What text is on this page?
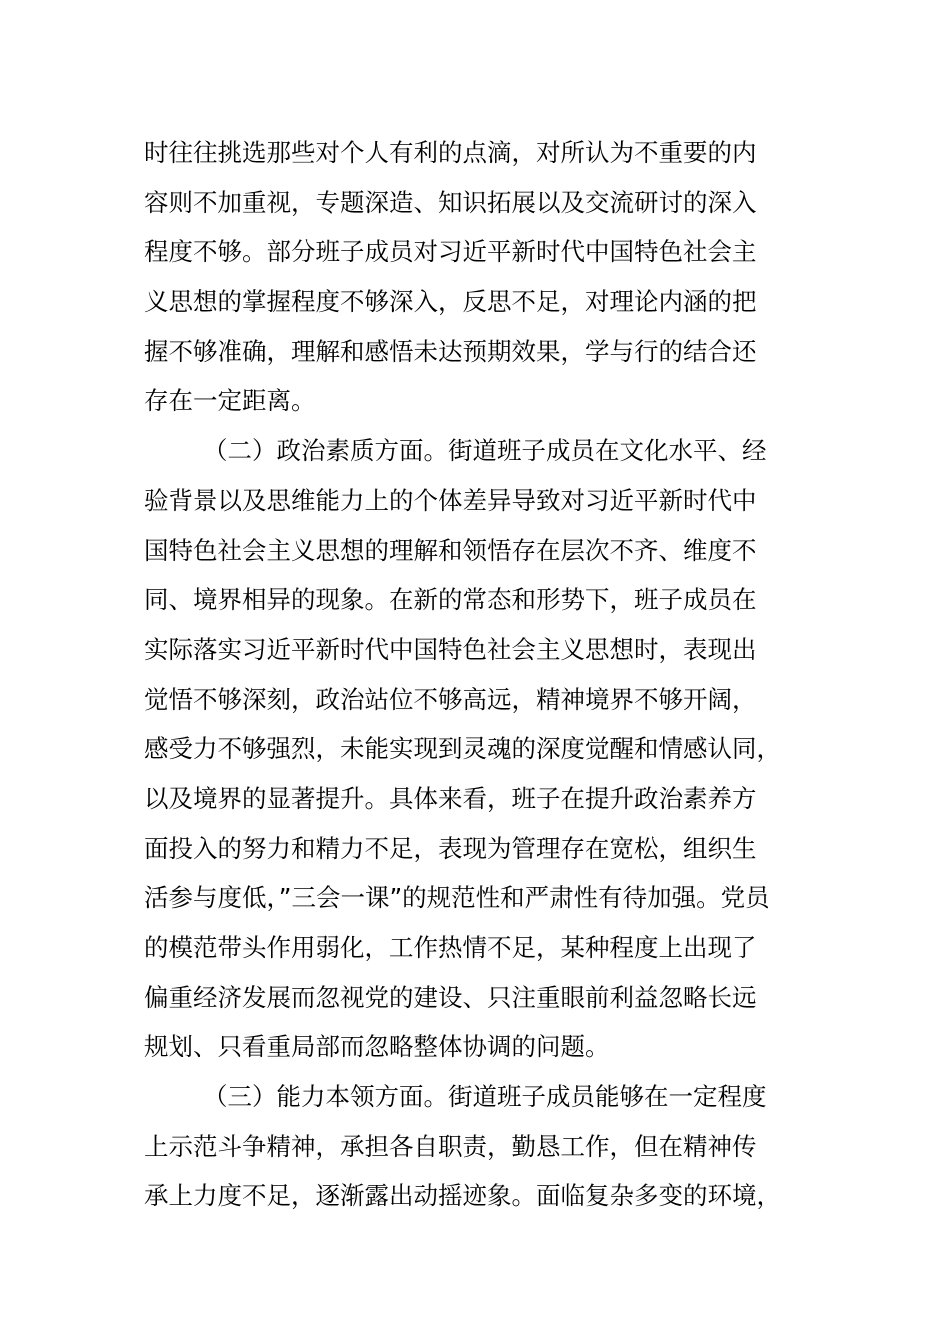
时往往挑选那些对个人有利的点滴，对所认为不重要的内
容则不加重视，专题深造、知识拓展以及交流研讨的深入
程度不够。部分班子成员对习近平新时代中国特色社会主
义思想的掌握程度不够深入，反思不足，对理论内涵的把
握不够准确，理解和感悟未达预期效果，学与行的结合还
存在一定距离。
（二）政治素质方面。街道班子成员在文化水平、经
验背景以及思维能力上的个体差异导致对习近平新时代中
国特色社会主义思想的理解和领悟存在层次不齐、维度不
同、境界相异的现象。在新的常态和形势下，班子成员在
实际落实习近平新时代中国特色社会主义思想时，表现出
觉悟不够深刻，政治站位不够高远，精神境界不够开阔，
感受力不够强烈，未能实现到灵魂的深度觉醒和情感认同，
以及境界的显著提升。具体来看，班子在提升政治素养方
面投入的努力和精力不足，表现为管理存在宽松，组织生
活参与度低，”三会一课”的规范性和严肃性有待加强。党员
的模范带头作用弱化，工作热情不足，某种程度上出现了
偏重经济发展而忽视党的建设、只注重眼前利益忽略长远
规划、只看重局部而忽略整体协调的问题。
（三）能力本领方面。街道班子成员能够在一定程度
上示范斗争精神，承担各自职责，勤恳工作，但在精神传
承上力度不足，逐渐露出动摇迹象。面临复杂多变的环境，
